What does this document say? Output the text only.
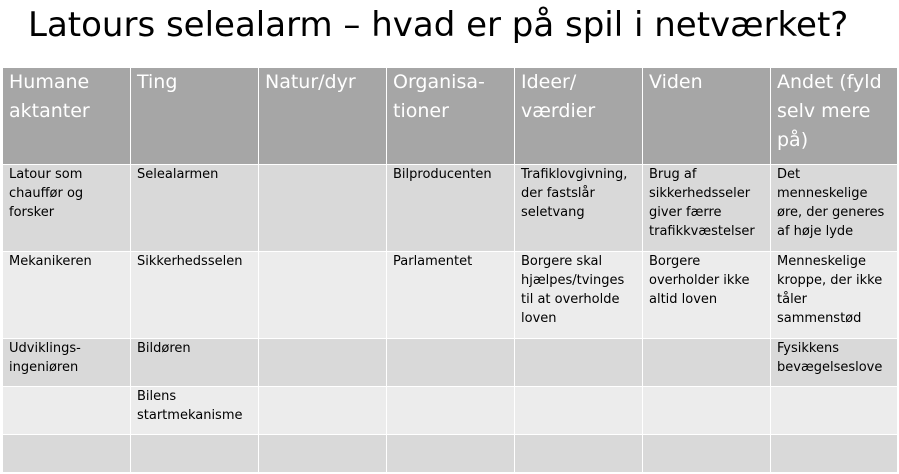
Latours selealarm – hvad er på spil i netværket?
Humane aktanter	Ting	Natur/dyr	Organisa-tioner	Ideer/ værdier	Viden	Andet (fyld selv mere på)
Latour som chauffør og forsker	Selealarmen		Bilproducenten	Trafiklovgivning, der fastslår seletvang	Brug af sikkerhedsseler giver færre trafikkvæstelser	Det menneskelige øre, der generes af høje lyde
Mekanikeren	Sikkerhedsselen		Parlamentet	Borgere skal hjælpes/tvinges til at overholde loven	Borgere overholder ikke altid loven	Menneskelige kroppe, der ikke tåler sammenstød
Udviklings-ingeniøren	Bildøren					Fysikkens bevægelseslove
	Bilens startmekanisme					
